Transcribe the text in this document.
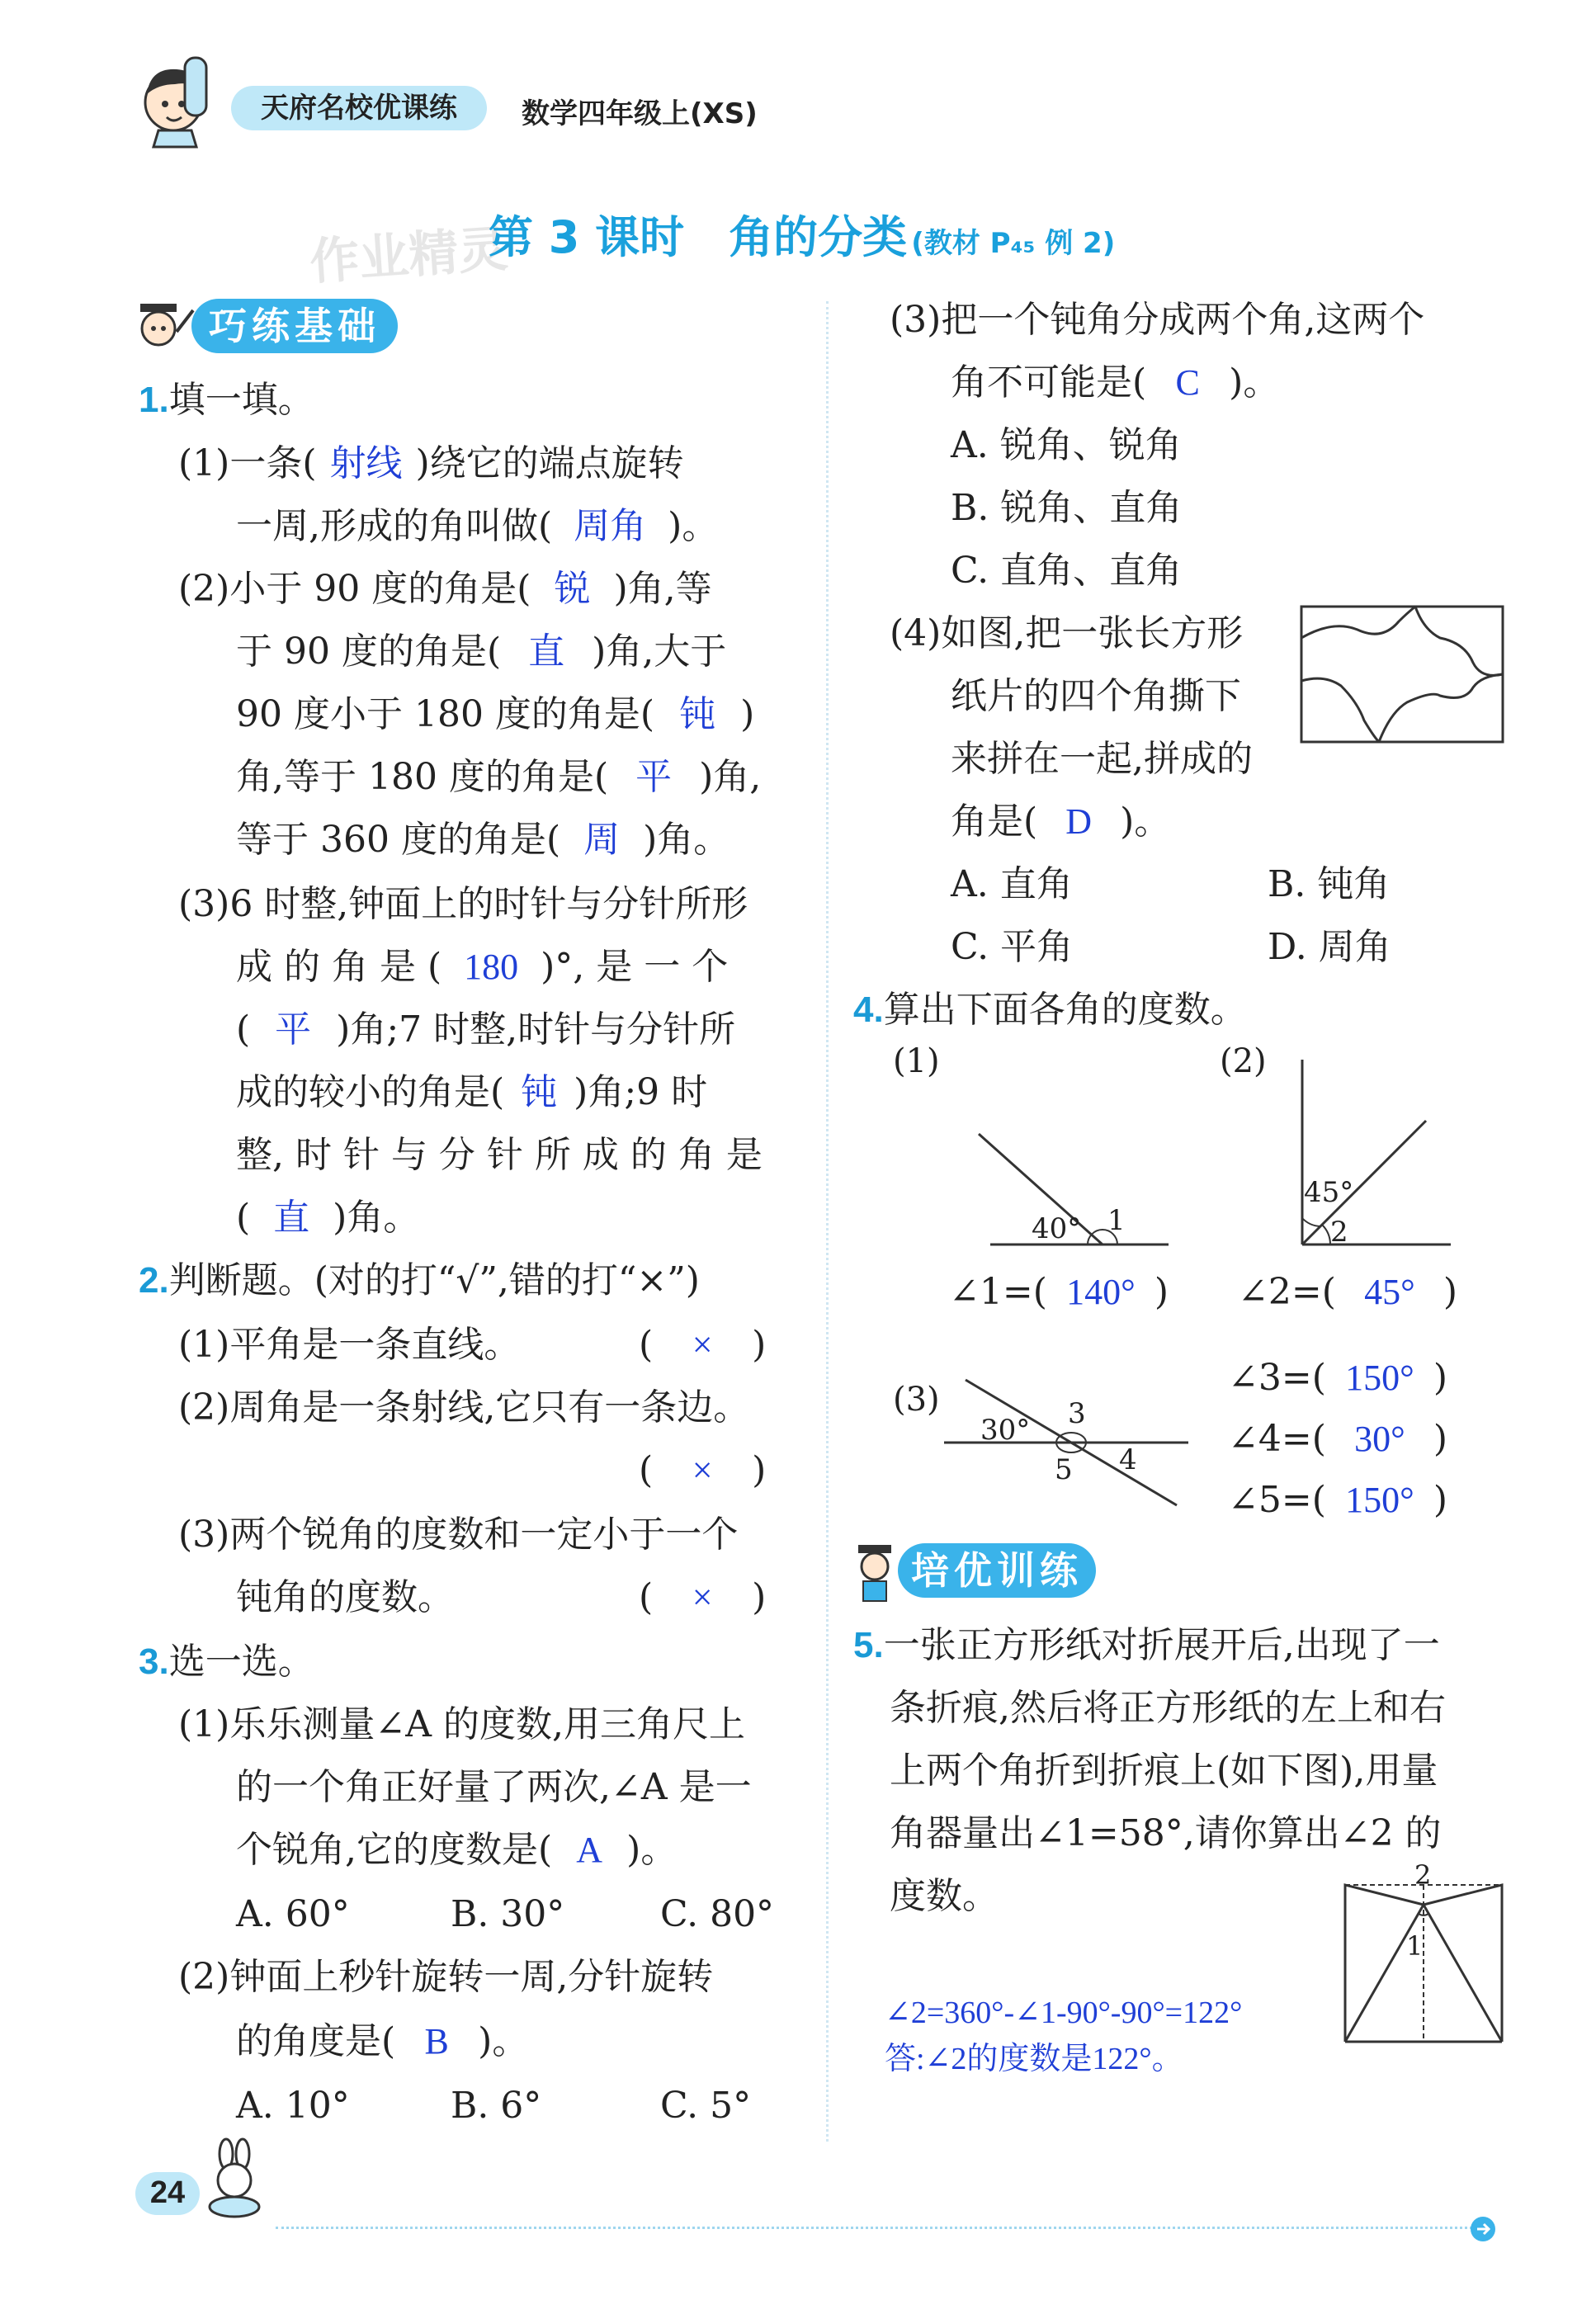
天府名校优课练	数学四年级上(XS)
作业精灵
第 3 课时　角的分类 (教材 P₄₅ 例 2)
巧练基础
1.填一填。
(1)一条( 射线 )绕它的端点旋转
一周,形成的角叫做( 周角 )。
(2)小于 90 度的角是( 锐 )角,等
于 90 度的角是( 直 )角,大于
90 度小于 180 度的角是( 钝 )
角,等于 180 度的角是( 平 )角,
等于 360 度的角是( 周 )角。
(3)6 时整,钟面上的时针与分针所形
成 的 角 是 ( 180 )°, 是 一 个
( 平 )角;7 时整,时针与分针所
成的较小的角是( 钝 )角;9 时
整, 时 针 与 分 针 所 成 的 角 是
( 直 )角。
2.判断题。(对的打“√”,错的打“×”)
(1)平角是一条直线。	( × )
(2)周角是一条射线,它只有一条边。
( × )
(3)两个锐角的度数和一定小于一个
钝角的度数。	( × )
3.选一选。
(1)乐乐测量∠A 的度数,用三角尺上
的一个角正好量了两次,∠A 是一
个锐角,它的度数是( A )。
A. 60°	B. 30°	C. 80°
(2)钟面上秒针旋转一周,分针旋转
的角度是( B )。
A. 10°	B. 6°	C. 5°
(3)把一个钝角分成两个角,这两个
角不可能是( C )。
A. 锐角、锐角
B. 锐角、直角
C. 直角、直角
(4)如图,把一张长方形
纸片的四个角撕下
来拼在一起,拼成的
角是( D )。
A. 直角	B. 钝角
C. 平角	D. 周角
4.算出下面各角的度数。
(1)	(2)
40° 1
45°
2
∠1=( 140° ) ∠2=( 45° )
(3)
30° 3
4
5
∠3=( 150° )
∠4=( 30° )
∠5=( 150° )
培优训练
5.一张正方形纸对折展开后,出现了一
条折痕,然后将正方形纸的左上和右
上两个角折到折痕上(如下图),用量
角器量出∠1=58°,请你算出∠2 的
度数。	2
1
∠2=360°-∠1-90°-90°=122°
答:∠2的度数是122°。
24
